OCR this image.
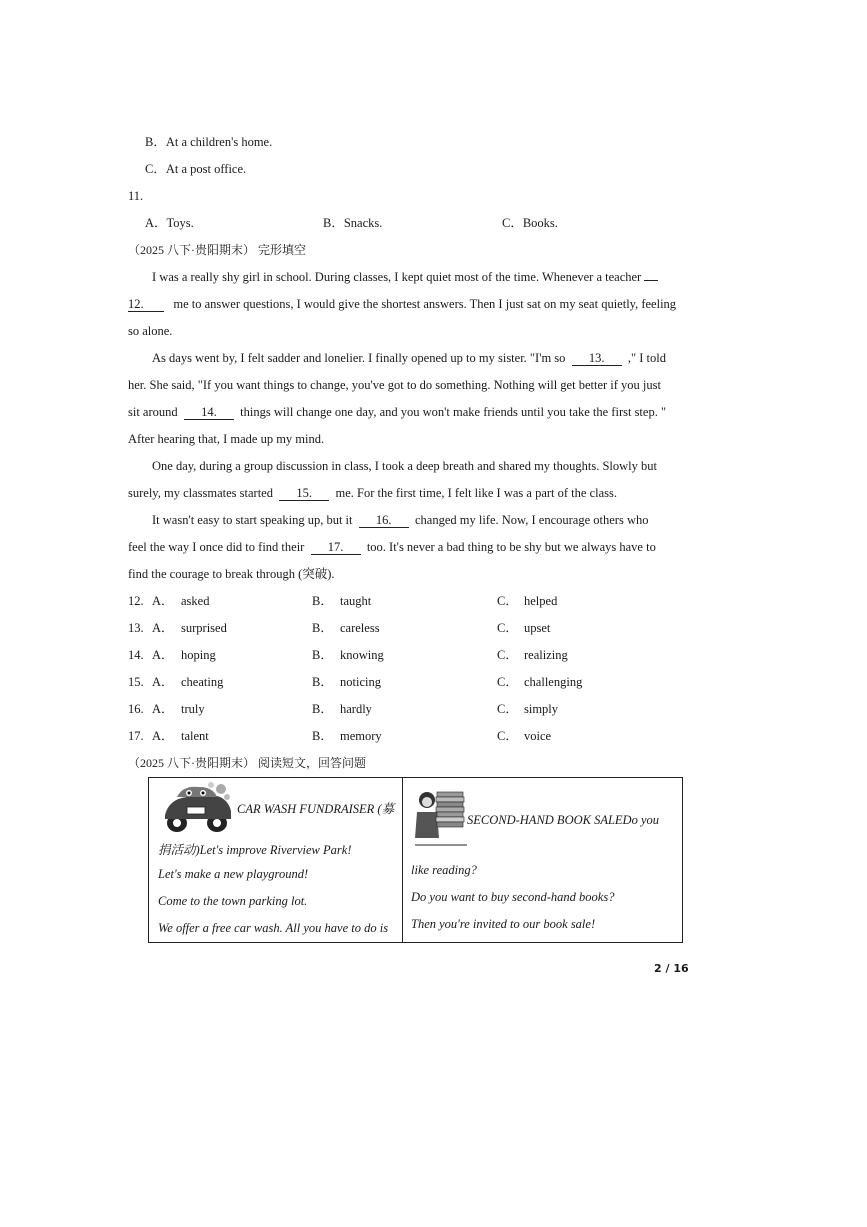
B．At a children's home.
C．At a post office.
11.
A．Toys.	B．Snacks.	C．Books.
（2025 八下·贵阳期末） 完形填空
I was a really shy girl in school. During classes, I kept quiet most of the time. Whenever a teacher
12. me to answer questions, I would give the shortest answers. Then I just sat on my seat quietly, feeling
so alone.
As days went by, I felt sadder and lonelier. I finally opened up to my sister. "I'm so 13. ," I told
her. She said, "If you want things to change, you've got to do something. Nothing will get better if you just
sit around 14. things will change one day, and you won't make friends until you take the first step. "
After hearing that, I made up my mind.
One day, during a group discussion in class, I took a deep breath and shared my thoughts. Slowly but
surely, my classmates started 15. me. For the first time, I felt like I was a part of the class.
It wasn't easy to start speaking up, but it 16. changed my life. Now, I encourage others who
feel the way I once did to find their 17. too. It's never a bad thing to be shy but we always have to
find the courage to break through (突破).
12. A． asked	B． taught	C． helped
13. A． surprised	B． careless	C． upset
14. A． hoping	B． knowing	C． realizing
15. A． cheating	B． noticing	C． challenging
16. A． truly	B． hardly	C． simply
17. A． talent	B． memory	C． voice
（2025 八下·贵阳期末） 阅读短文，回答问题
CAR WASH FUNDRAISER (募
捐活动)Let's improve Riverview Park!
Let's make a new playground!
Come to the town parking lot.
We offer a free car wash. All you have to do is
SECOND-HAND BOOK SALEDo you
like reading?
Do you want to buy second-hand books?
Then you're invited to our book sale!
2 / 16
